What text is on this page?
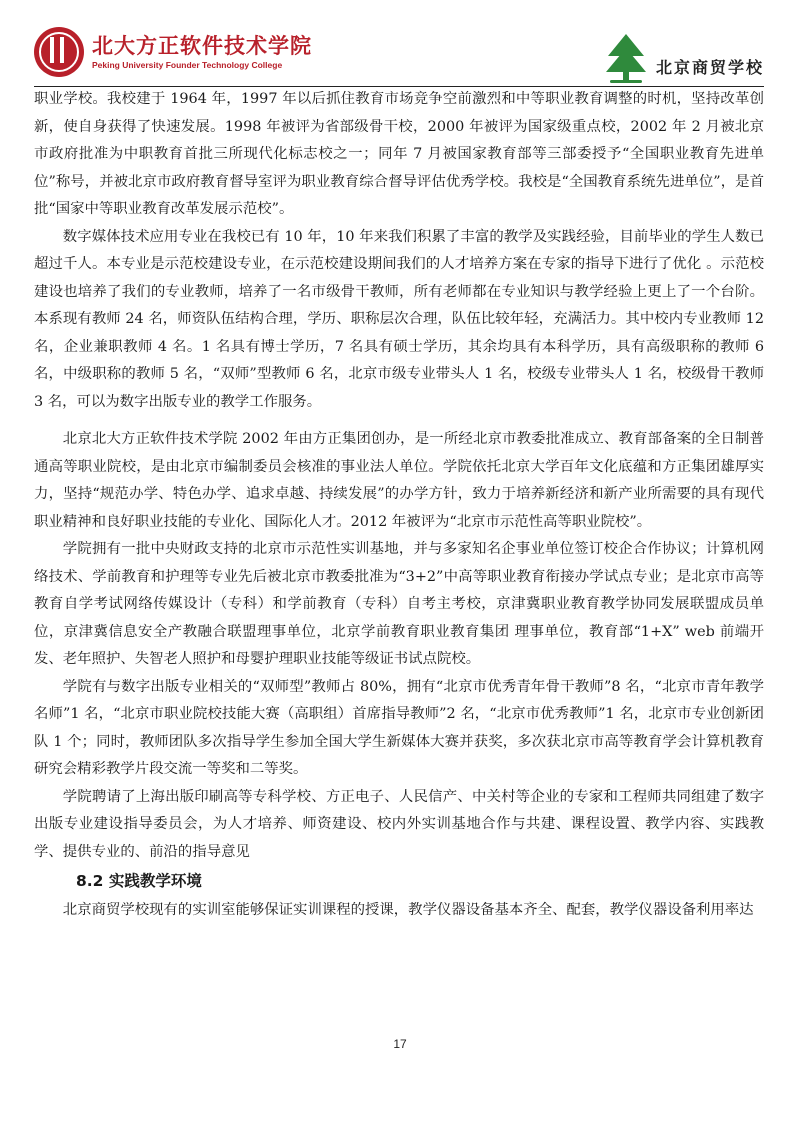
北大方正软件技术学院
Peking University Founder Technology College	北京商贸学校

职业学校。我校建于 1964 年，1997 年以后抓住教育市场竞争空前激烈和中等职业教育调整的时机，坚持改革创新，使自身获得了快速发展。1998 年被评为省部级骨干校，2000 年被评为国家级重点校，2002 年 2 月被北京市政府批准为中职教育首批三所现代化标志校之一；同年 7 月被国家教育部等三部委授予“全国职业教育先进单位”称号，并被北京市政府教育督导室评为职业教育综合督导评估优秀学校。我校是“全国教育系统先进单位”，是首批“国家中等职业教育改革发展示范校”。

数字媒体技术应用专业在我校已有 10 年，10 年来我们积累了丰富的教学及实践经验，目前毕业的学生人数已超过千人。本专业是示范校建设专业，在示范校建设期间我们的人才培养方案在专家的指导下进行了优化 。示范校建设也培养了我们的专业教师，培养了一名市级骨干教师，所有老师都在专业知识与教学经验上更上了一个台阶。本系现有教师 24 名，师资队伍结构合理，学历、职称层次合理，队伍比较年轻，充满活力。其中校内专业教师 12 名，企业兼职教师 4 名。1 名具有博士学历，7 名具有硕士学历，其余均具有本科学历，具有高级职称的教师 6 名，中级职称的教师 5 名，“双师”型教师 6 名，北京市级专业带头人 1 名，校级专业带头人 1 名，校级骨干教师 3 名，可以为数字出版专业的教学工作服务。

北京北大方正软件技术学院 2002 年由方正集团创办，是一所经北京市教委批准成立、教育部备案的全日制普通高等职业院校，是由北京市编制委员会核准的事业法人单位。学院依托北京大学百年文化底蕴和方正集团雄厚实力，坚持“规范办学、特色办学、追求卓越、持续发展”的办学方针，致力于培养新经济和新产业所需要的具有现代职业精神和良好职业技能的专业化、国际化人才。2012 年被评为“北京市示范性高等职业院校”。

学院拥有一批中央财政支持的北京市示范性实训基地，并与多家知名企事业单位签订校企合作协议；计算机网络技术、学前教育和护理等专业先后被北京市教委批准为“3+2”中高等职业教育衔接办学试点专业；是北京市高等教育自学考试网络传媒设计（专科）和学前教育（专科）自考主考校，京津冀职业教育教学协同发展联盟成员单位，京津冀信息安全产教融合联盟理事单位，北京学前教育职业教育集团 理事单位，教育部“1+X” web 前端开发、老年照护、失智老人照护和母婴护理职业技能等级证书试点院校。

学院有与数字出版专业相关的“双师型”教师占 80%，拥有“北京市优秀青年骨干教师”8 名，“北京市青年教学名师”1 名，“北京市职业院校技能大赛（高职组）首席指导教师”2 名，“北京市优秀教师”1 名，北京市专业创新团队 1 个；同时，教师团队多次指导学生参加全国大学生新媒体大赛并获奖，多次获北京市高等教育学会计算机教育研究会精彩教学片段交流一等奖和二等奖。

学院聘请了上海出版印刷高等专科学校、方正电子、人民信产、中关村等企业的专家和工程师共同组建了数字出版专业建设指导委员会，为人才培养、师资建设、校内外实训基地合作与共建、课程设置、教学内容、实践教学、提供专业的、前沿的指导意见

8.2 实践教学环境

北京商贸学校现有的实训室能够保证实训课程的授课，教学仪器设备基本齐全、配套，教学仪器设备利用率达

17
